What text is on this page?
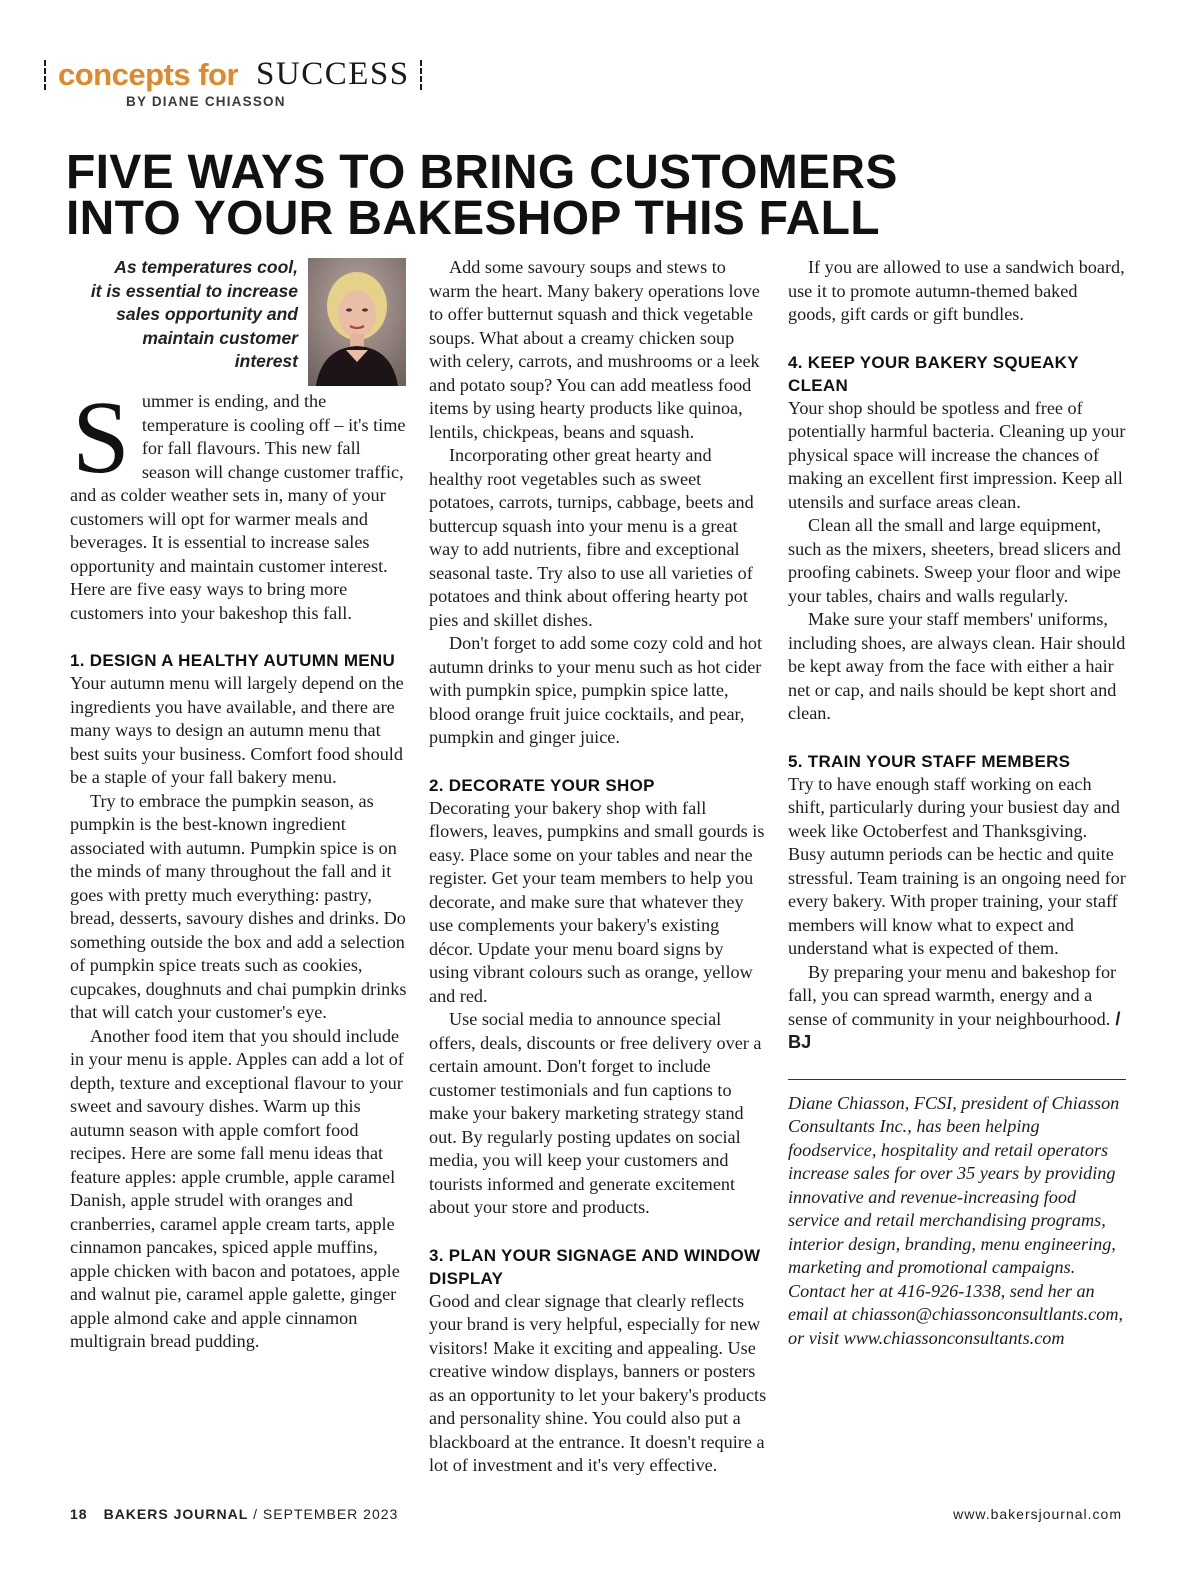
concepts for SUCCESS
BY DIANE CHIASSON
FIVE WAYS TO BRING CUSTOMERS
INTO YOUR BAKESHOP THIS FALL
As temperatures cool,
it is essential to increase
sales opportunity and
maintain customer
interest

Summer is ending, and the temperature is cooling off – it's time for fall flavours. This new fall season will change customer traffic, and as colder weather sets in, many of your customers will opt for warmer meals and beverages. It is essential to increase sales opportunity and maintain customer interest. Here are five easy ways to bring more customers into your bakeshop this fall.

1. DESIGN A HEALTHY AUTUMN MENU

Your autumn menu will largely depend on the ingredients you have available, and there are many ways to design an autumn menu that best suits your business. Comfort food should be a staple of your fall bakery menu.

Try to embrace the pumpkin season, as pumpkin is the best-known ingredient associated with autumn. Pumpkin spice is on the minds of many throughout the fall and it goes with pretty much everything: pastry, bread, desserts, savoury dishes and drinks. Do something outside the box and add a selection of pumpkin spice treats such as cookies, cupcakes, doughnuts and chai pumpkin drinks that will catch your customer's eye.

Another food item that you should include in your menu is apple. Apples can add a lot of depth, texture and exceptional flavour to your sweet and savoury dishes. Warm up this autumn season with apple comfort food recipes. Here are some fall menu ideas that feature apples: apple crumble, apple caramel Danish, apple strudel with oranges and cranberries, caramel apple cream tarts, apple cinnamon pancakes, spiced apple muffins, apple chicken with bacon and potatoes, apple and walnut pie, caramel apple galette, ginger apple almond cake and apple cinnamon multigrain bread pudding.

Add some savoury soups and stews to warm the heart. Many bakery operations love to offer butternut squash and thick vegetable soups. What about a creamy chicken soup with celery, carrots, and mushrooms or a leek and potato soup? You can add meatless food items by using hearty products like quinoa, lentils, chickpeas, beans and squash.

Incorporating other great hearty and healthy root vegetables such as sweet potatoes, carrots, turnips, cabbage, beets and buttercup squash into your menu is a great way to add nutrients, fibre and exceptional seasonal taste. Try also to use all varieties of potatoes and think about offering hearty pot pies and skillet dishes.

Don't forget to add some cozy cold and hot autumn drinks to your menu such as hot cider with pumpkin spice, pumpkin spice latte, blood orange fruit juice cocktails, and pear, pumpkin and ginger juice.

2. DECORATE YOUR SHOP

Decorating your bakery shop with fall flowers, leaves, pumpkins and small gourds is easy. Place some on your tables and near the register. Get your team members to help you decorate, and make sure that whatever they use complements your bakery's existing décor. Update your menu board signs by using vibrant colours such as orange, yellow and red.

Use social media to announce special offers, deals, discounts or free delivery over a certain amount. Don't forget to include customer testimonials and fun captions to make your bakery marketing strategy stand out. By regularly posting updates on social media, you will keep your customers and tourists informed and generate excitement about your store and products.

3. PLAN YOUR SIGNAGE AND WINDOW DISPLAY

Good and clear signage that clearly reflects your brand is very helpful, especially for new visitors! Make it exciting and appealing. Use creative window displays, banners or posters as an opportunity to let your bakery's products and personality shine. You could also put a blackboard at the entrance. It doesn't require a lot of investment and it's very effective.

If you are allowed to use a sandwich board, use it to promote autumn-themed baked goods, gift cards or gift bundles.

4. KEEP YOUR BAKERY SQUEAKY CLEAN

Your shop should be spotless and free of potentially harmful bacteria. Cleaning up your physical space will increase the chances of making an excellent first impression. Keep all utensils and surface areas clean.

Clean all the small and large equipment, such as the mixers, sheeters, bread slicers and proofing cabinets. Sweep your floor and wipe your tables, chairs and walls regularly.

Make sure your staff members' uniforms, including shoes, are always clean. Hair should be kept away from the face with either a hair net or cap, and nails should be kept short and clean.

5. TRAIN YOUR STAFF MEMBERS

Try to have enough staff working on each shift, particularly during your busiest day and week like Octoberfest and Thanksgiving. Busy autumn periods can be hectic and quite stressful. Team training is an ongoing need for every bakery. With proper training, your staff members will know what to expect and understand what is expected of them.

By preparing your menu and bakeshop for fall, you can spread warmth, energy and a sense of community in your neighbourhood. / BJ

Diane Chiasson, FCSI, president of Chiasson Consultants Inc., has been helping foodservice, hospitality and retail operators increase sales for over 35 years by providing innovative and revenue-increasing food service and retail merchandising programs, interior design, branding, menu engineering, marketing and promotional campaigns. Contact her at 416-926-1338, send her an email at chiasson@chiassonconsultlants.com, or visit www.chiassonconsultants.com

18 BAKERS JOURNAL / SEPTEMBER 2023	www.bakersjournal.com
